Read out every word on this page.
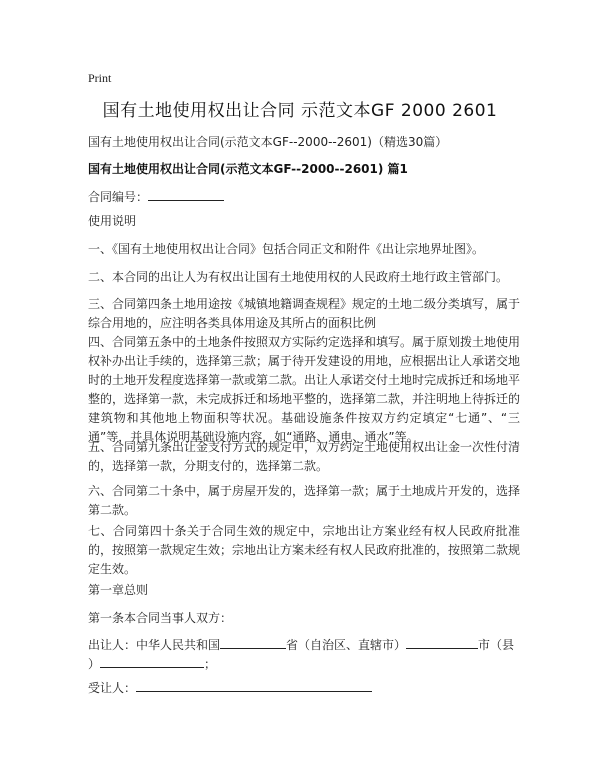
Print
国有土地使用权出让合同 示范文本GF 2000 2601

国有土地使用权出让合同(示范文本GF--2000--2601)（精选30篇）

国有土地使用权出让合同(示范文本GF--2000--2601) 篇1

合同编号：

使用说明

一、《国有土地使用权出让合同》包括合同正文和附件《出让宗地界址图》。

二、本合同的出让人为有权出让国有土地使用权的人民政府土地行政主管部门。

三、合同第四条土地用途按《城镇地籍调查规程》规定的土地二级分类填写，属于综合用地的，应注明各类具体用途及其所占的面积比例

四、合同第五条中的土地条件按照双方实际约定选择和填写。属于原划拨土地使用权补办出让手续的，选择第三款；属于待开发建设的用地，应根据出让人承诺交地时的土地开发程度选择第一款或第二款。出让人承诺交付土地时完成拆迁和场地平整的，选择第一款，未完成拆迁和场地平整的，选择第二款，并注明地上待拆迁的建筑物和其他地上物面积等状况。基础设施条件按双方约定填定“七通”、“三通”等，并具体说明基础设施内容，如“通路、通电、通水”等。

五、合同第九条出让金支付方式的规定中，双方约定土地使用权出让金一次性付清的，选择第一款，分期支付的，选择第二款。

六、合同第二十条中，属于房屋开发的，选择第一款；属于土地成片开发的，选择第二款。

七、合同第四十条关于合同生效的规定中，宗地出让方案业经有权人民政府批准的，按照第一款规定生效；宗地出让方案未经有权人民政府批准的，按照第二款规定生效。

第一章总则

第一条本合同当事人双方：

出让人：中华人民共和国	省（自治区、直辖市）	市（县
）	；

受让人：
